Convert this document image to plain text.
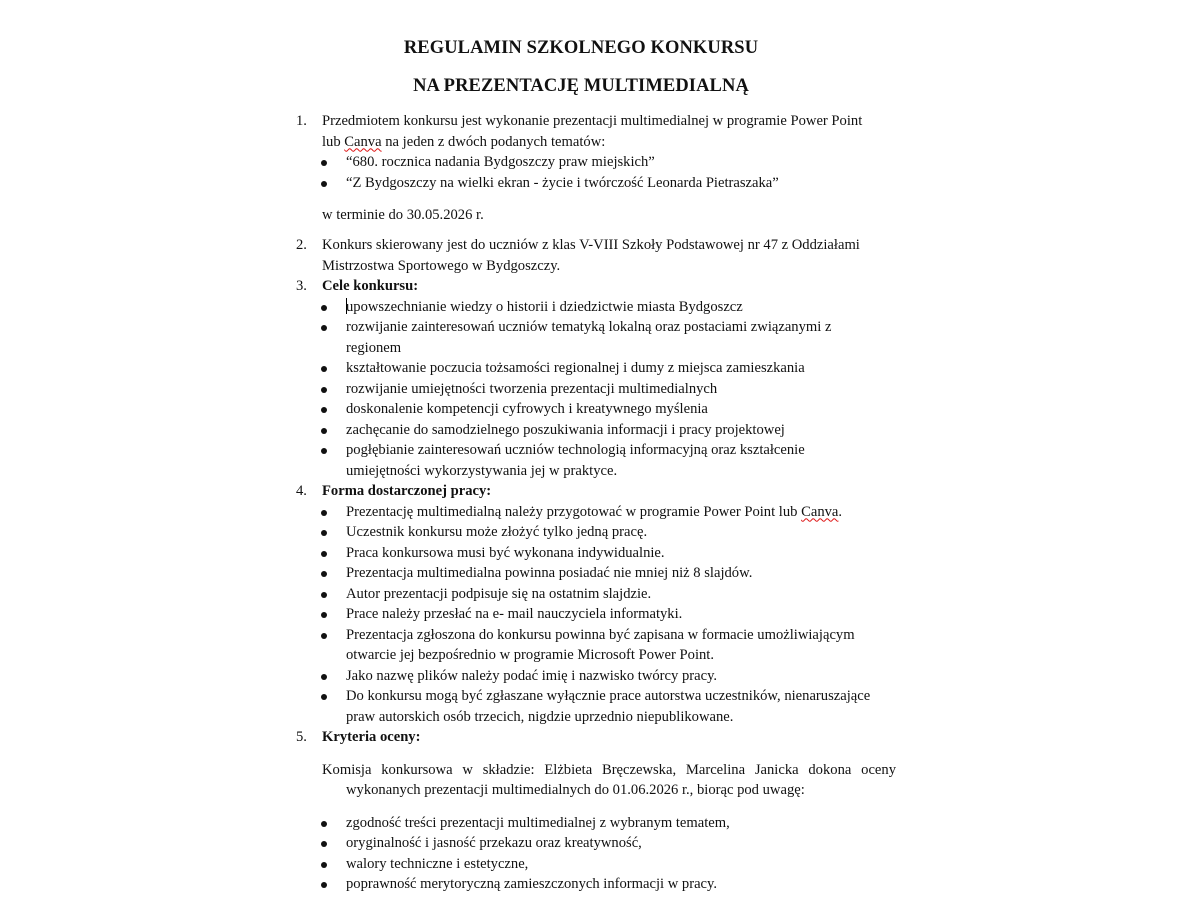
REGULAMIN SZKOLNEGO KONKURSU
NA PREZENTACJĘ MULTIMEDIALNĄ
1. Przedmiotem konkursu jest wykonanie prezentacji multimedialnej w programie Power Point
lub Canva na jeden z dwóch podanych tematów:
“680. rocznica nadania Bydgoszczy praw miejskich”
“Z Bydgoszczy na wielki ekran - życie i twórczość Leonarda Pietraszaka”
w terminie do 30.05.2026 r.
2. Konkurs skierowany jest do uczniów z klas V-VIII Szkoły Podstawowej nr 47 z Oddziałami
Mistrzostwa Sportowego w Bydgoszczy.
3. Cele konkursu:
upowszechnianie wiedzy o historii i dziedzictwie miasta Bydgoszcz
rozwijanie zainteresowań uczniów tematyką lokalną oraz postaciami związanymi z
regionem
kształtowanie poczucia tożsamości regionalnej i dumy z miejsca zamieszkania
rozwijanie umiejętności tworzenia prezentacji multimedialnych
doskonalenie kompetencji cyfrowych i kreatywnego myślenia
zachęcanie do samodzielnego poszukiwania informacji i pracy projektowej
pogłębianie zainteresowań uczniów technologią informacyjną oraz kształcenie
umiejętności wykorzystywania jej w praktyce.
4. Forma dostarczonej pracy:
Prezentację multimedialną należy przygotować w programie Power Point lub Canva.
Uczestnik konkursu może złożyć tylko jedną pracę.
Praca konkursowa musi być wykonana indywidualnie.
Prezentacja multimedialna powinna posiadać nie mniej niż 8 slajdów.
Autor prezentacji podpisuje się na ostatnim slajdzie.
Prace należy przesłać na e- mail nauczyciela informatyki.
Prezentacja zgłoszona do konkursu powinna być zapisana w formacie umożliwiającym
otwarcie jej bezpośrednio w programie Microsoft Power Point.
Jako nazwę plików należy podać imię i nazwisko twórcy pracy.
Do konkursu mogą być zgłaszane wyłącznie prace autorstwa uczestników, nienaruszające
praw autorskich osób trzecich, nigdzie uprzednio niepublikowane.
5. Kryteria oceny:
Komisja konkursowa w składzie: Elżbieta Bręczewska, Marcelina Janicka dokona oceny
wykonanych prezentacji multimedialnych do 01.06.2026 r., biorąc pod uwagę:
zgodność treści prezentacji multimedialnej z wybranym tematem,
oryginalność i jasność przekazu oraz kreatywność,
walory techniczne i estetyczne,
poprawność merytoryczną zamieszczonych informacji w pracy.
